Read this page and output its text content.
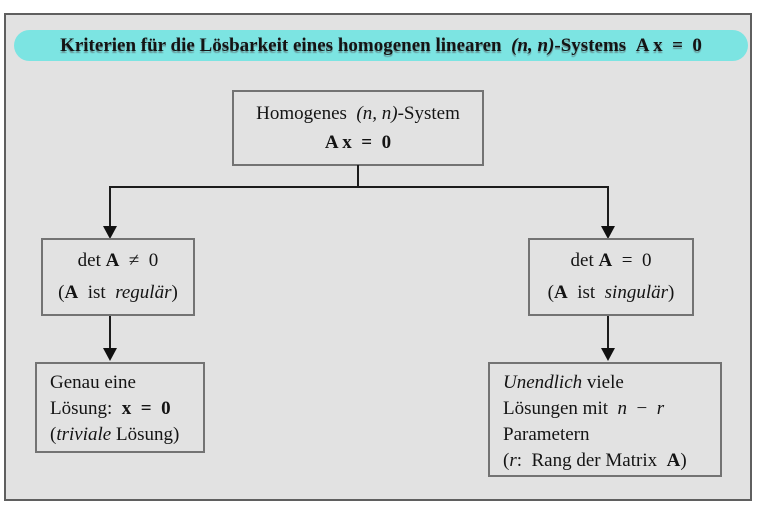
Kriterien für die Lösbarkeit eines homogenen linearen (n, n) -Systems A x  =  0
Homogenes  (n, n)-System
A x  =  0
det A  ≠  0
(A  ist  regulär)
det A  =  0
(A  ist  singulär)
Genau eine
Lösung:  x  =  0
(triviale Lösung)
Unendlich viele
Lösungen mit  n  −  r
Parametern
(r:  Rang der Matrix  A)
